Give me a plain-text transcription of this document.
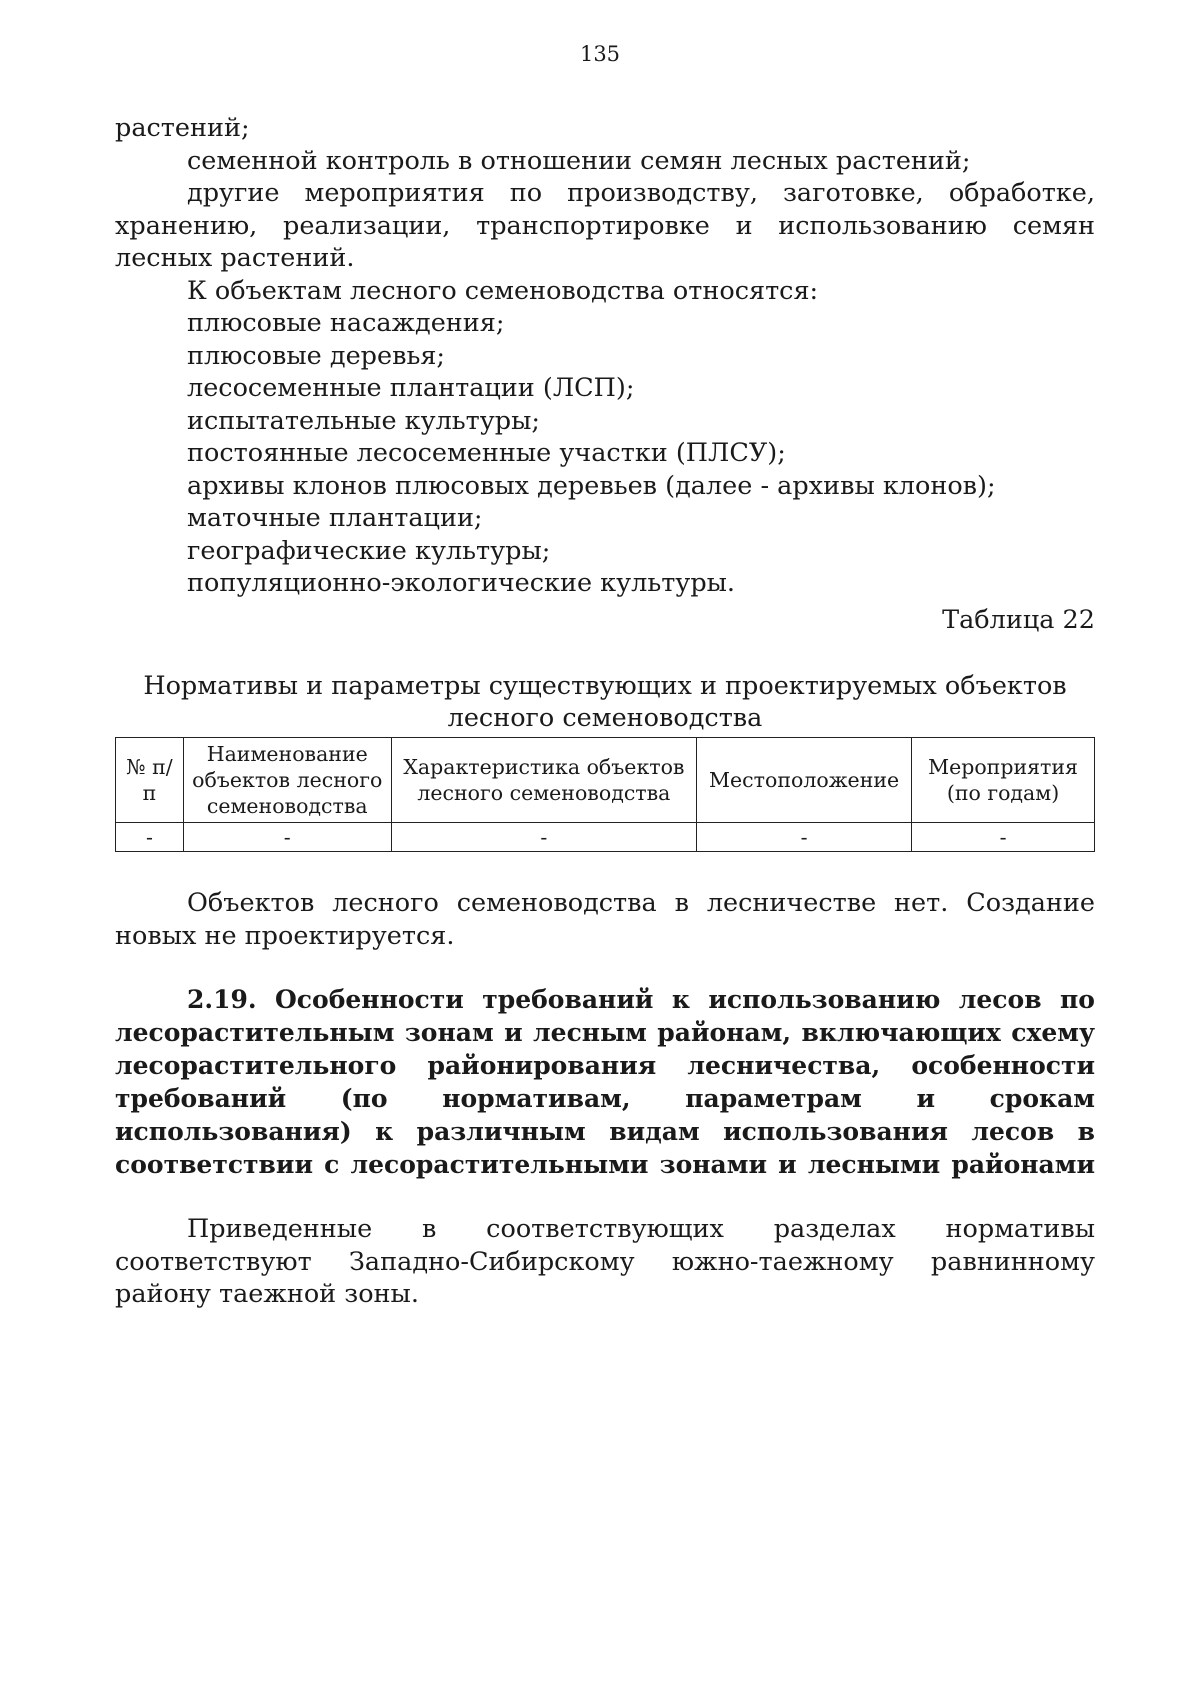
135

растений;

семенной контроль в отношении семян лесных растений;

другие мероприятия по производству, заготовке, обработке, хранению, реализации, транспортировке и использованию семян лесных растений.

К объектам лесного семеноводства относятся:

плюсовые насаждения;

плюсовые деревья;

лесосеменные плантации (ЛСП);

испытательные культуры;

постоянные лесосеменные участки (ПЛСУ);

архивы клонов плюсовых деревьев (далее - архивы клонов);

маточные плантации;

географические культуры;

популяционно-экологические культуры.

Таблица 22
Нормативы и параметры существующих и проектируемых объектов
лесного семеноводства
№ п/п	Наименование объектов лесного семеноводства	Характеристика объектов лесного семеноводства	Местоположение	Мероприятия (по годам)
-	-	-	-	-

Объектов лесного семеноводства в лесничестве нет. Создание новых не проектируется.

2.19. Особенности требований к использованию лесов по лесорастительным зонам и лесным районам, включающих схему лесорастительного районирования лесничества, особенности требований (по нормативам, параметрам и срокам использования) к различным видам использования лесов в соответствии с лесорастительными зонами и лесными районами

Приведенные в соответствующих разделах нормативы соответствуют Западно-Сибирскому южно-таежному равнинному району таежной зоны.
